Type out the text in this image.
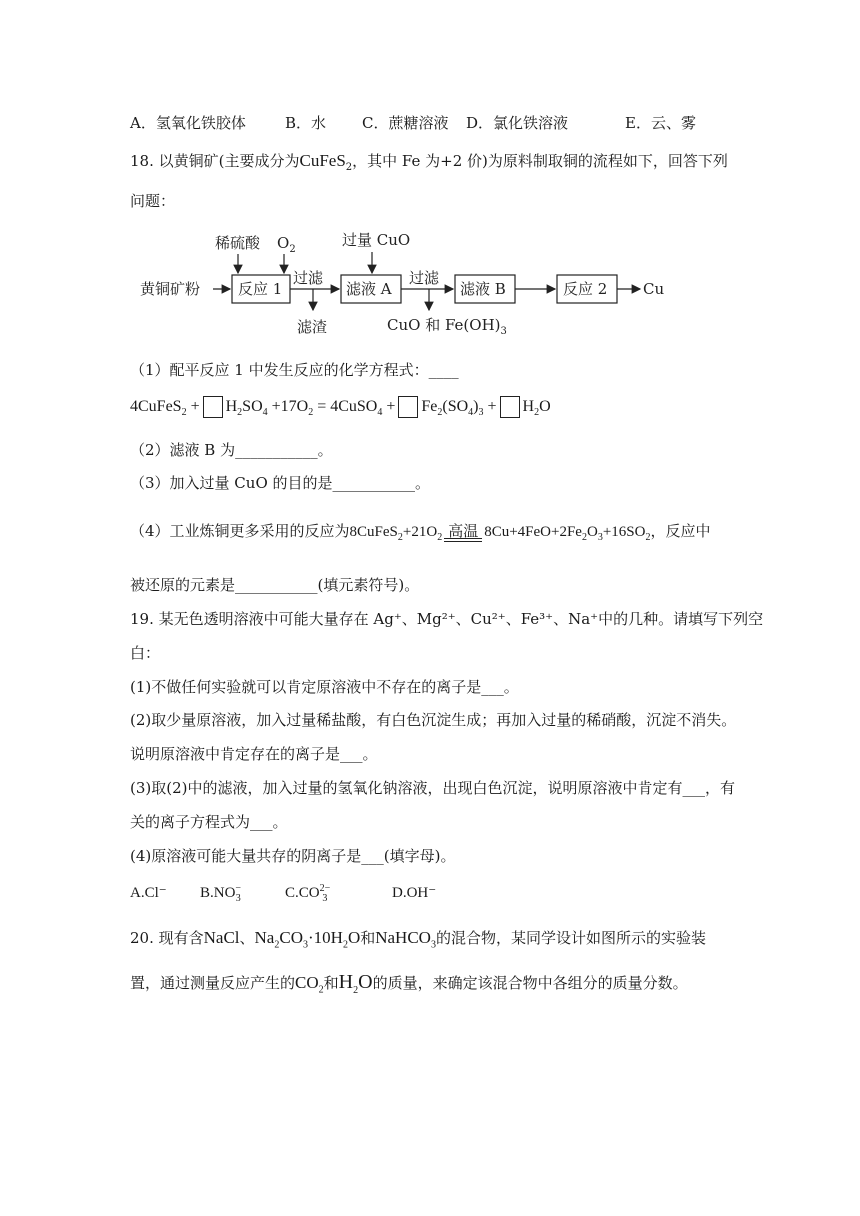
A．氢氧化铁胶体	B．水 C．蔗糖溶液 D．氯化铁溶液	E．云、雾
18. 以黄铜矿(主要成分为CuFeS$_2$，其中 Fe 为+2 价)为原料制取铜的流程如下，回答下列
问题：
稀硫酸 $O_2$
过量 CuO
黄铜矿粉	反应 1
过滤
滤渣
滤液 A
过滤
CuO 和 $Fe(OH)_3$
滤液 B	反应 2 Cu
（1）配平反应 1 中发生反应的化学方程式：____
4CuFeS$_2$ + $H_2SO_4 +17O_2$ = 4CuSO$_4$ + $Fe_2(SO_4)_3 + H_2O$
（2）滤液 B 为___________。
（3）加入过量 CuO 的目的是___________。
（4）工业炼铜更多采用的反应为$8CuFeS_2+21O_2$ 高温 $8Cu+4FeO+2Fe_2O_3+16SO_2$，反应中
被还原的元素是___________(填元素符号)。
19. 某无色透明溶液中可能大量存在 Ag⁺、Mg²⁺、Cu²⁺、Fe³⁺、Na⁺中的几种。请填写下列空
白：
(1)不做任何实验就可以肯定原溶液中不存在的离子是___。
(2)取少量原溶液，加入过量稀盐酸，有白色沉淀生成；再加入过量的稀硝酸，沉淀不消失。
说明原溶液中肯定存在的离子是___。
(3)取(2)中的滤液，加入过量的氢氧化钠溶液，出现白色沉淀，说明原溶液中肯定有___，有
关的离子方程式为___。
(4)原溶液可能大量共存的阴离子是___(填字母)。
A.Cl⁻ B.NO −
3	C.CO 2−
3	D.OH⁻
20. 现有含NaCl、$Na_2CO_3\cdot 10H_2O$和NaHCO$_3$的混合物，某同学设计如图所示的实验装
置，通过测量反应产生的$CO_2$和$H_2O$的质量，来确定该混合物中各组分的质量分数。
